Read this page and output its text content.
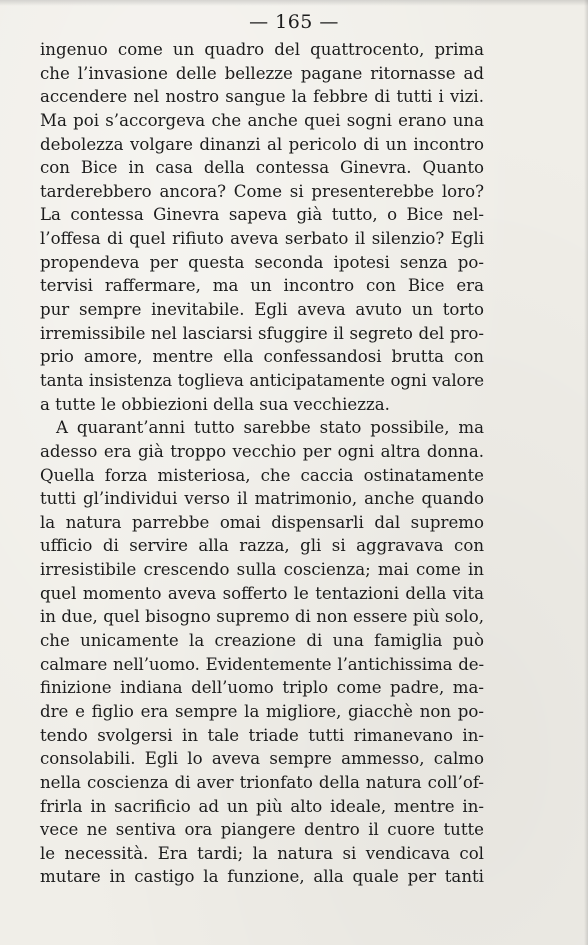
— 165 —
ingenuo come un quadro del quattrocento, prima
che l’invasione delle bellezze pagane ritornasse ad
accendere nel nostro sangue la febbre di tutti i vizi.
Ma poi s’accorgeva che anche quei sogni erano una
debolezza volgare dinanzi al pericolo di un incontro
con Bice in casa della contessa Ginevra. Quanto
tarderebbero ancora? Come si presenterebbe loro?
La contessa Ginevra sapeva già tutto, o Bice nel-
l’offesa di quel rifiuto aveva serbato il silenzio? Egli
propendeva per questa seconda ipotesi senza po-
tervisi raffermare, ma un incontro con Bice era
pur sempre inevitabile. Egli aveva avuto un torto
irremissibile nel lasciarsi sfuggire il segreto del pro-
prio amore, mentre ella confessandosi brutta con
tanta insistenza toglieva anticipatamente ogni valore
a tutte le obbiezioni della sua vecchiezza.
A quarant’anni tutto sarebbe stato possibile, ma
adesso era già troppo vecchio per ogni altra donna.
Quella forza misteriosa, che caccia ostinatamente
tutti gl’individui verso il matrimonio, anche quando
la natura parrebbe omai dispensarli dal supremo
ufficio di servire alla razza, gli si aggravava con
irresistibile crescendo sulla coscienza; mai come in
quel momento aveva sofferto le tentazioni della vita
in due, quel bisogno supremo di non essere più solo,
che unicamente la creazione di una famiglia può
calmare nell’uomo. Evidentemente l’antichissima de-
finizione indiana dell’uomo triplo come padre, ma-
dre e figlio era sempre la migliore, giacchè non po-
tendo svolgersi in tale triade tutti rimanevano in-
consolabili. Egli lo aveva sempre ammesso, calmo
nella coscienza di aver trionfato della natura coll’of-
frirla in sacrificio ad un più alto ideale, mentre in-
vece ne sentiva ora piangere dentro il cuore tutte
le necessità. Era tardi; la natura si vendicava col
mutare in castigo la funzione, alla quale per tanti
